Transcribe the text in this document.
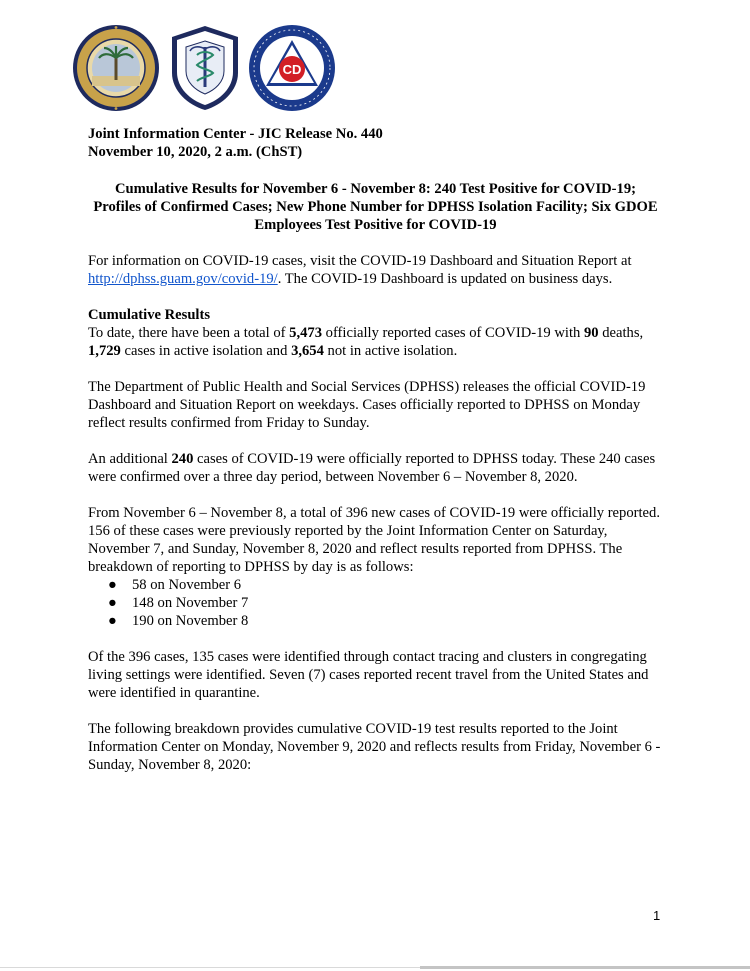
CD

Joint Information Center - JIC Release No. 440

November 10, 2020, 2 a.m. (ChST)

Cumulative Results for November 6 - November 8: 240 Test Positive for COVID-19;
Profiles of Confirmed Cases; New Phone Number for DPHSS Isolation Facility; Six GDOE
Employees Test Positive for COVID-19

For information on COVID-19 cases, visit the COVID-19 Dashboard and Situation Report at
http://dphss.guam.gov/covid-19/. The COVID-19 Dashboard is updated on business days.

Cumulative Results

To date, there have been a total of 5,473 officially reported cases of COVID-19 with 90 deaths,
1,729 cases in active isolation and 3,654 not in active isolation.

The Department of Public Health and Social Services (DPHSS) releases the official COVID-19 Dashboard and Situation Report on weekdays. Cases officially reported to DPHSS on Monday reflect results confirmed from Friday to Sunday.

An additional 240 cases of COVID-19 were officially reported to DPHSS today. These 240 cases were confirmed over a three day period, between November 6 – November 8, 2020.

From November 6 – November 8, a total of 396 new cases of COVID-19 were officially reported. 156 of these cases were previously reported by the Joint Information Center on Saturday, November 7, and Sunday, November 8, 2020 and reflect results reported from DPHSS. The breakdown of reporting to DPHSS by day is as follows:

● 58 on November 6
● 148 on November 7
● 190 on November 8

Of the 396 cases, 135 cases were identified through contact tracing and clusters in congregating living settings were identified. Seven (7) cases reported recent travel from the United States and were identified in quarantine.

The following breakdown provides cumulative COVID-19 test results reported to the Joint Information Center on Monday, November 9, 2020 and reflects results from Friday, November 6 - Sunday, November 8, 2020:

1
